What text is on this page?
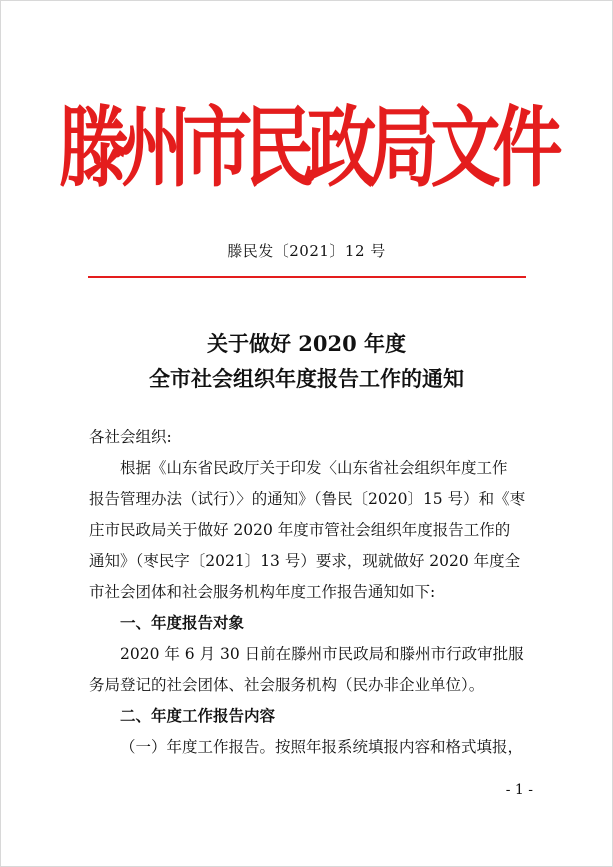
滕州市民政局文件
滕民发〔2021〕12 号
关于做好 2020 年度
全市社会组织年度报告工作的通知
各社会组织:
根据《山东省民政厅关于印发〈山东省社会组织年度工作
报告管理办法（试行）〉的通知》（鲁民〔2020〕15 号）和《枣
庄市民政局关于做好 2020 年度市管社会组织年度报告工作的
通知》（枣民字〔2021〕13 号）要求，现就做好 2020 年度全
市社会团体和社会服务机构年度工作报告通知如下:
一、年度报告对象
2020 年 6 月 30 日前在滕州市民政局和滕州市行政审批服
务局登记的社会团体、社会服务机构（民办非企业单位）。
二、年度工作报告内容
（一）年度工作报告。按照年报系统填报内容和格式填报，
- 1 -
